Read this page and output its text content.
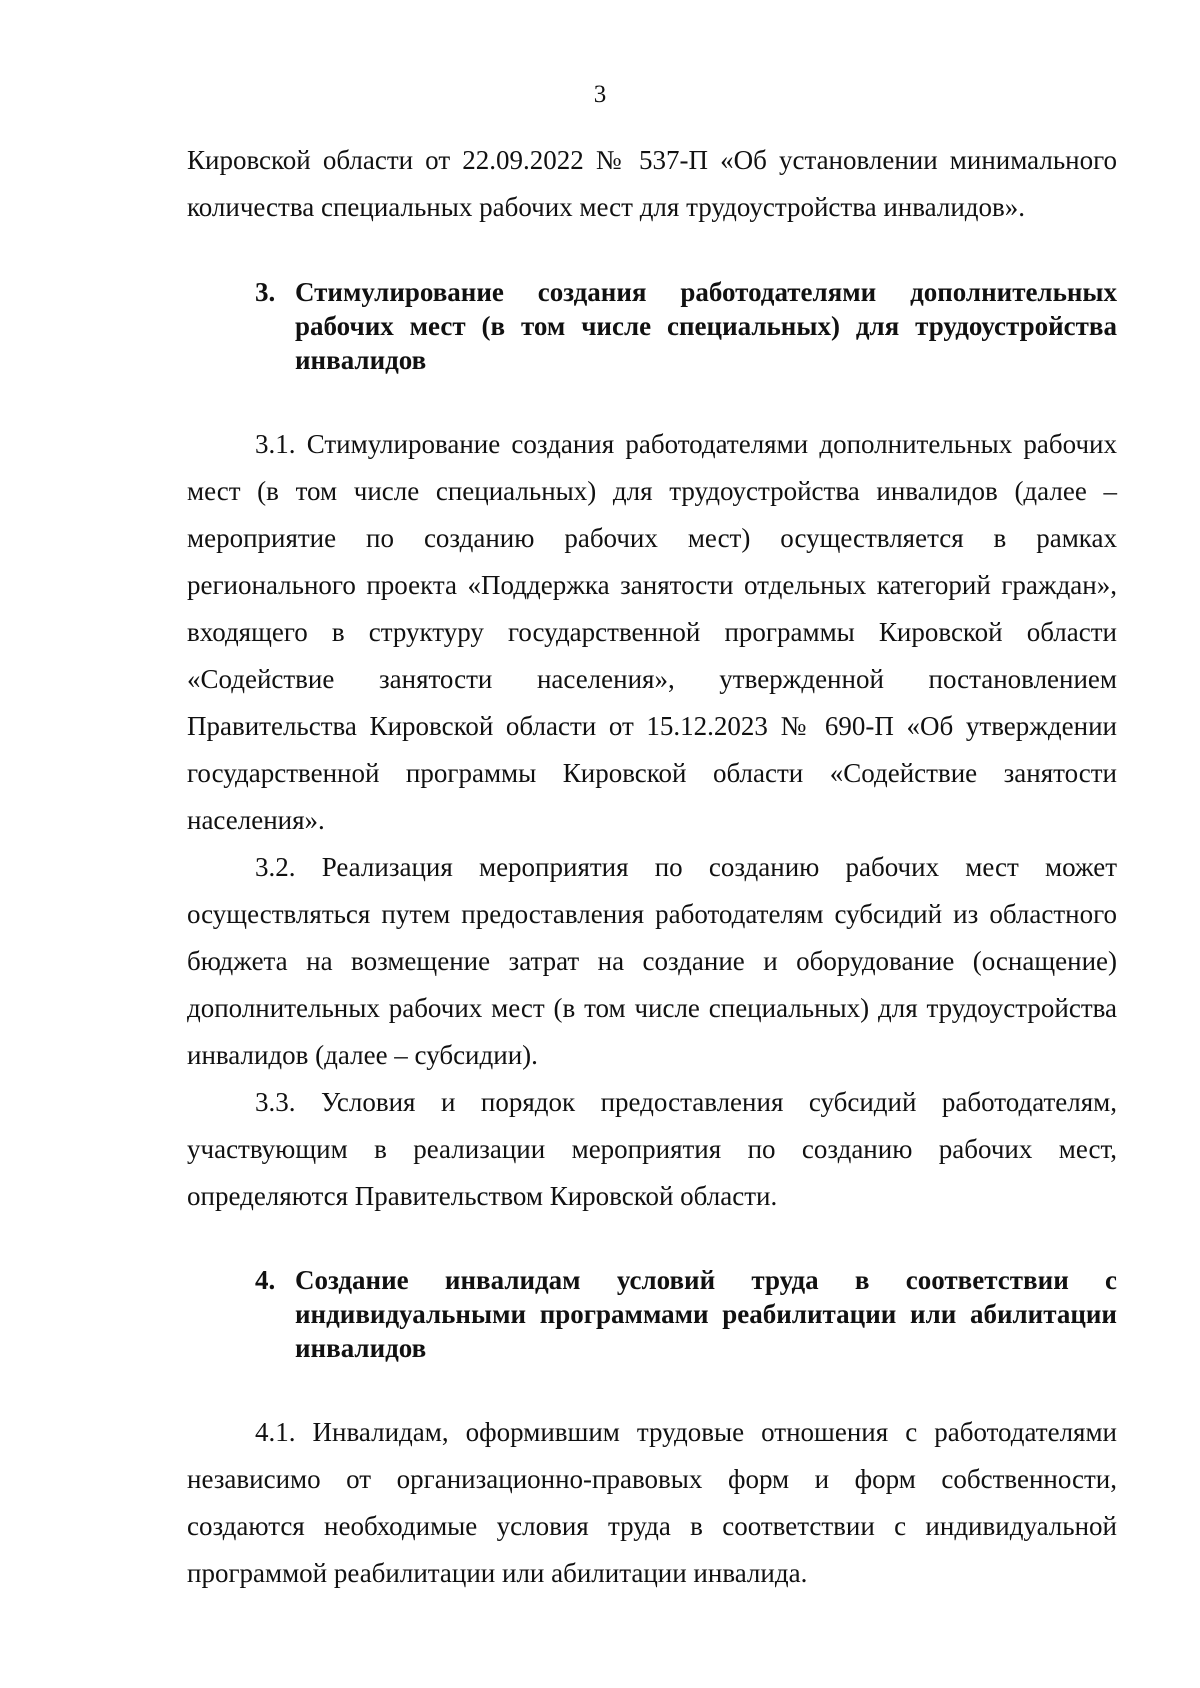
3

Кировской области от 22.09.2022 № 537-П «Об установлении минимального количества специальных рабочих мест для трудоустройства инвалидов».

3. Стимулирование создания работодателями дополнительных рабочих мест (в том числе специальных) для трудоустройства инвалидов

3.1. Стимулирование создания работодателями дополнительных рабочих мест (в том числе специальных) для трудоустройства инвалидов (далее – мероприятие по созданию рабочих мест) осуществляется в рамках регионального проекта «Поддержка занятости отдельных категорий граждан», входящего в структуру государственной программы Кировской области «Содействие занятости населения», утвержденной постановлением Правительства Кировской области от 15.12.2023 № 690-П «Об утверждении государственной программы Кировской области «Содействие занятости населения».

3.2. Реализация мероприятия по созданию рабочих мест может осуществляться путем предоставления работодателям субсидий из областного бюджета на возмещение затрат на создание и оборудование (оснащение) дополнительных рабочих мест (в том числе специальных) для трудоустройства инвалидов (далее – субсидии).

3.3. Условия и порядок предоставления субсидий работодателям, участвующим в реализации мероприятия по созданию рабочих мест, определяются Правительством Кировской области.

4. Создание инвалидам условий труда в соответствии с индивидуальными программами реабилитации или абилитации инвалидов

4.1. Инвалидам, оформившим трудовые отношения с работодателями независимо от организационно-правовых форм и форм собственности, создаются необходимые условия труда в соответствии с индивидуальной программой реабилитации или абилитации инвалида.
